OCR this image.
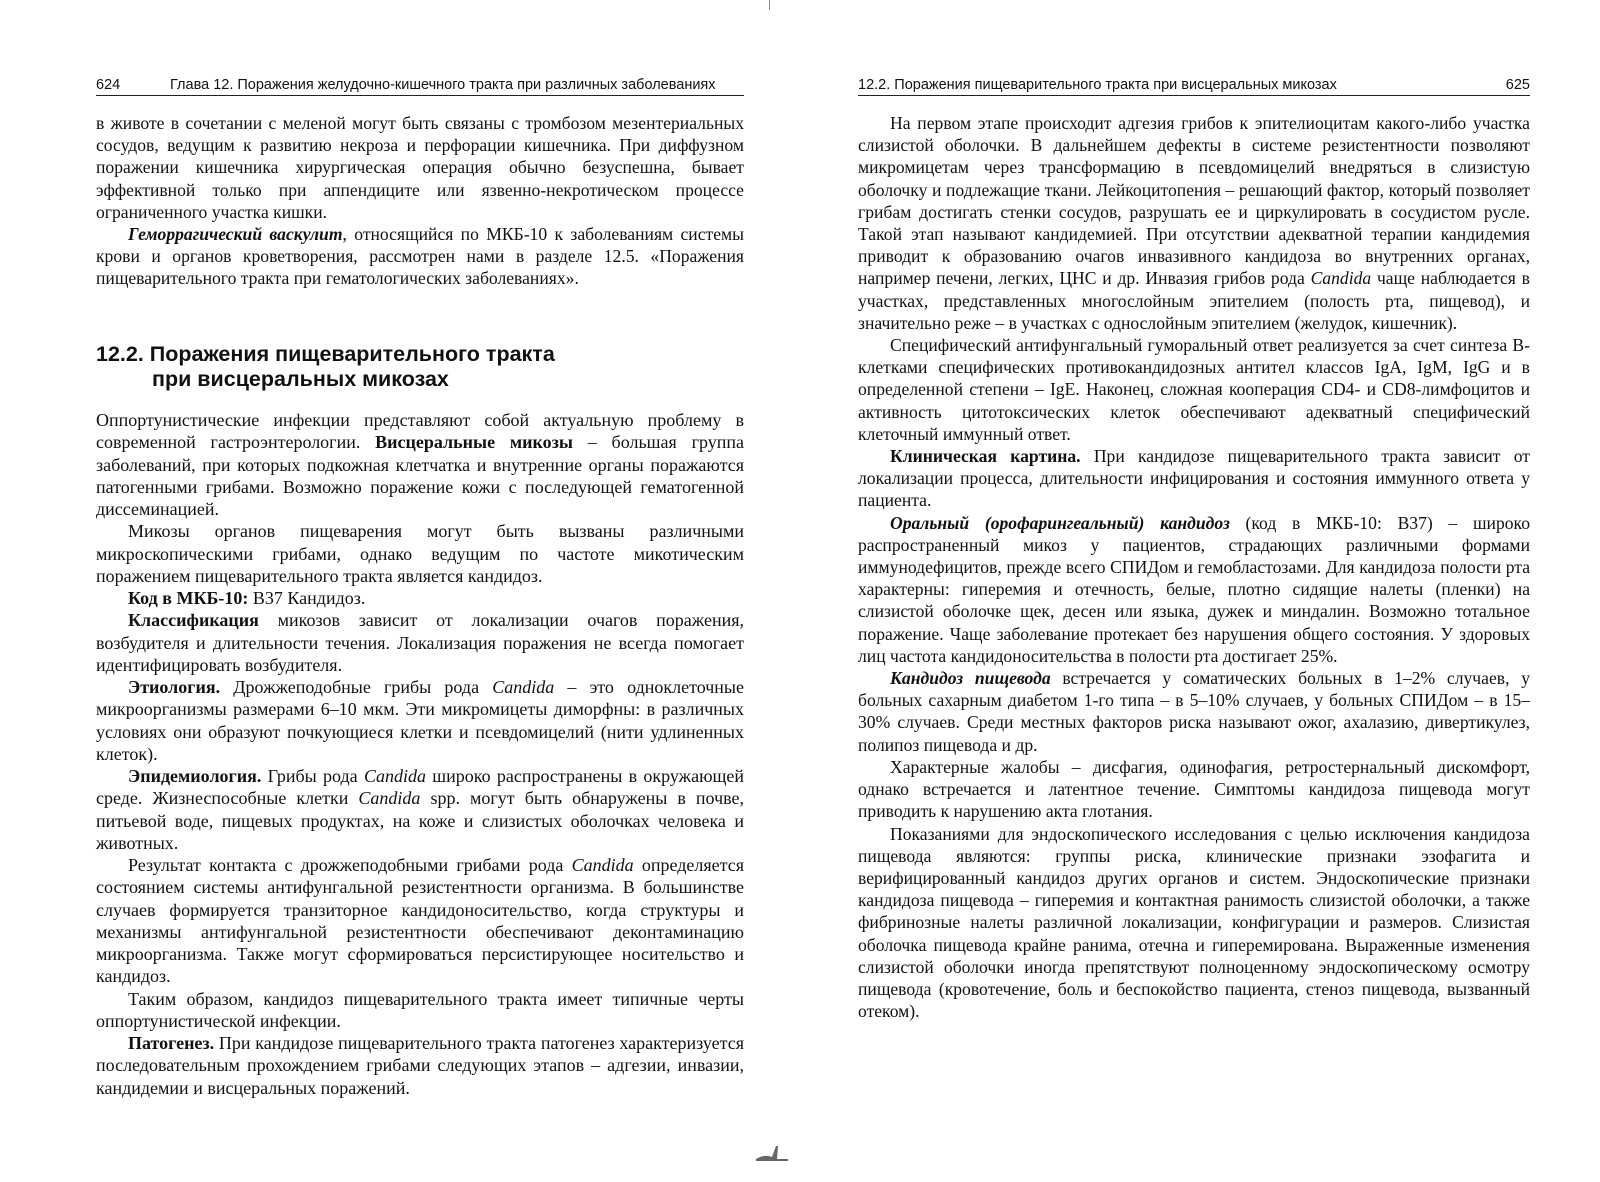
624	Глава 12. Поражения желудочно-кишечного тракта при различных заболеваниях

в животе в сочетании с меленой могут быть связаны с тромбозом мезентериальных сосудов, ведущим к развитию некроза и перфорации кишечника. При диффузном поражении кишечника хирургическая операция обычно безуспешна, бывает эффективной только при аппендиците или язвенно-некротическом процессе ограниченного участка кишки.

Геморрагический васкулит, относящийся по МКБ-10 к заболеваниям системы крови и органов кроветворения, рассмотрен нами в разделе 12.5. «Поражения пищеварительного тракта при гематологических заболеваниях».

12.2. Поражения пищеварительного тракта
при висцеральных микозах

Оппортунистические инфекции представляют собой актуальную проблему в современной гастроэнтерологии. Висцеральные микозы – большая группа заболеваний, при которых подкожная клетчатка и внутренние органы поражаются патогенными грибами. Возможно поражение кожи с последующей гематогенной диссеминацией.

Микозы органов пищеварения могут быть вызваны различными микроскопическими грибами, однако ведущим по частоте микотическим поражением пищеварительного тракта является кандидоз.

Код в МКБ-10: В37 Кандидоз.

Классификация микозов зависит от локализации очагов поражения, возбудителя и длительности течения. Локализация поражения не всегда помогает идентифицировать возбудителя.

Этиология. Дрожжеподобные грибы рода Candida – это одноклеточные микроорганизмы размерами 6–10 мкм. Эти микромицеты диморфны: в различных условиях они образуют почкующиеся клетки и псевдомицелий (нити удлиненных клеток).

Эпидемиология. Грибы рода Candida широко распространены в окружающей среде. Жизнеспособные клетки Candida spp. могут быть обнаружены в почве, питьевой воде, пищевых продуктах, на коже и слизистых оболочках человека и животных.

Результат контакта с дрожжеподобными грибами рода Candida определяется состоянием системы антифунгальной резистентности организма. В большинстве случаев формируется транзиторное кандидоносительство, когда структуры и механизмы антифунгальной резистентности обеспечивают деконтаминацию микроорганизма. Также могут сформироваться персистирующее носительство и кандидоз.

Таким образом, кандидоз пищеварительного тракта имеет типичные черты оппортунистической инфекции.

Патогенез. При кандидозе пищеварительного тракта патогенез характеризуется последовательным прохождением грибами следующих этапов – адгезии, инвазии, кандидемии и висцеральных поражений.

12.2. Поражения пищеварительного тракта при висцеральных микозах	625

На первом этапе происходит адгезия грибов к эпителиоцитам какого-либо участка слизистой оболочки. В дальнейшем дефекты в системе резистентности позволяют микромицетам через трансформацию в псевдомицелий внедряться в слизистую оболочку и подлежащие ткани. Лейкоцитопения – решающий фактор, который позволяет грибам достигать стенки сосудов, разрушать ее и циркулировать в сосудистом русле. Такой этап называют кандидемией. При отсутствии адекватной терапии кандидемия приводит к образованию очагов инвазивного кандидоза во внутренних органах, например печени, легких, ЦНС и др. Инвазия грибов рода Candida чаще наблюдается в участках, представленных многослойным эпителием (полость рта, пищевод), и значительно реже – в участках с однослойным эпителием (желудок, кишечник).

Специфический антифунгальный гуморальный ответ реализуется за счет синтеза В-клетками специфических противокандидозных антител классов IgA, IgM, IgG и в определенной степени – IgE. Наконец, сложная кооперация CD4- и CD8-лимфоцитов и активность цитотоксических клеток обеспечивают адекватный специфический клеточный иммунный ответ.

Клиническая картина. При кандидозе пищеварительного тракта зависит от локализации процесса, длительности инфицирования и состояния иммунного ответа у пациента.

Оральный (орофарингеальный) кандидоз (код в МКБ-10: В37) – широко распространенный микоз у пациентов, страдающих различными формами иммунодефицитов, прежде всего СПИДом и гемобластозами. Для кандидоза полости рта характерны: гиперемия и отечность, белые, плотно сидящие налеты (пленки) на слизистой оболочке щек, десен или языка, дужек и миндалин. Возможно тотальное поражение. Чаще заболевание протекает без нарушения общего состояния. У здоровых лиц частота кандидоносительства в полости рта достигает 25%.

Кандидоз пищевода встречается у соматических больных в 1–2% случаев, у больных сахарным диабетом 1-го типа – в 5–10% случаев, у больных СПИДом – в 15–30% случаев. Среди местных факторов риска называют ожог, ахалазию, дивертикулез, полипоз пищевода и др.

Характерные жалобы – дисфагия, одинофагия, ретростернальный дискомфорт, однако встречается и латентное течение. Симптомы кандидоза пищевода могут приводить к нарушению акта глотания.

Показаниями для эндоскопического исследования с целью исключения кандидоза пищевода являются: группы риска, клинические признаки эзофагита и верифицированный кандидоз других органов и систем. Эндоскопические признаки кандидоза пищевода – гиперемия и контактная ранимость слизистой оболочки, а также фибринозные налеты различной локализации, конфигурации и размеров. Слизистая оболочка пищевода крайне ранима, отечна и гиперемирована. Выраженные изменения слизистой оболочки иногда препятствуют полноценному эндоскопическому осмотру пищевода (кровотечение, боль и беспокойство пациента, стеноз пищевода, вызванный отеком).
